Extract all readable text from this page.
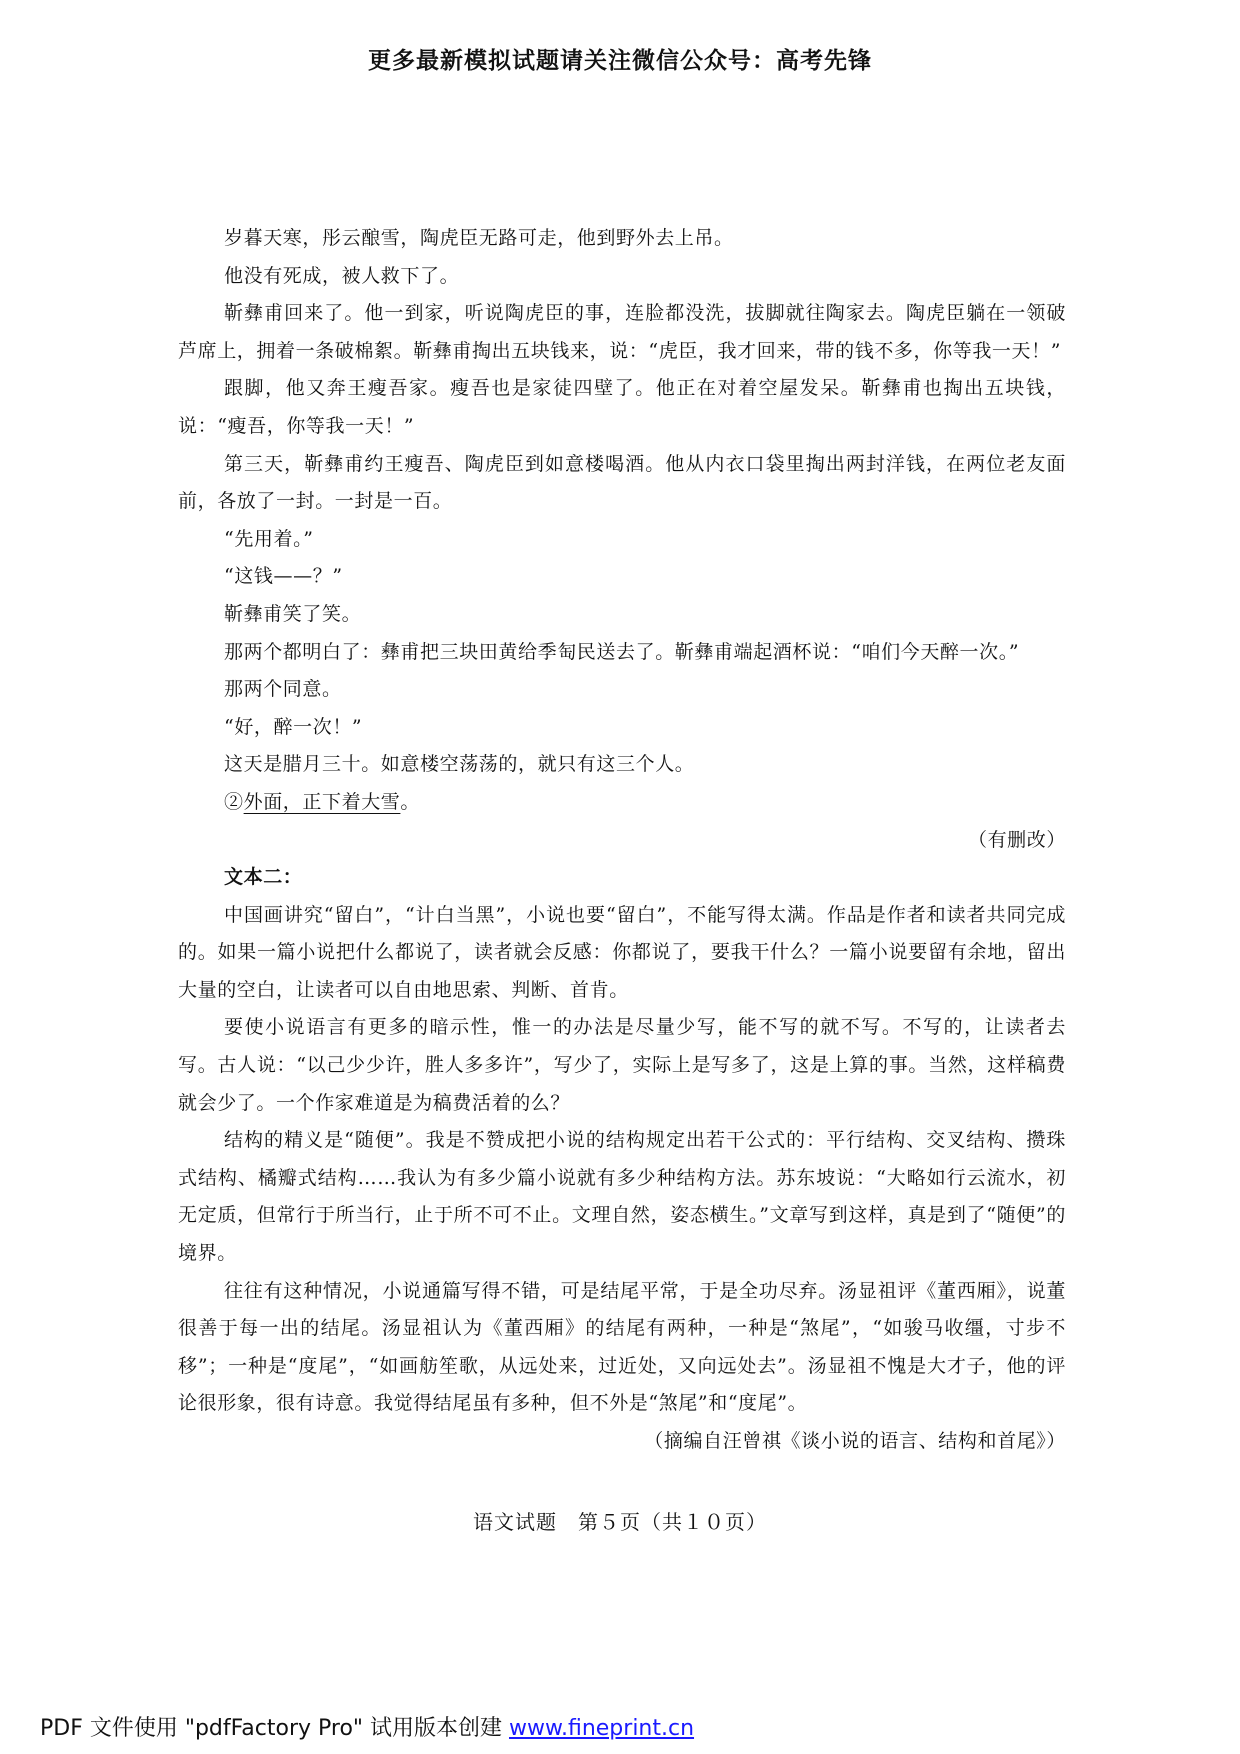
更多最新模拟试题请关注微信公众号：高考先锋

岁暮天寒，彤云酿雪，陶虎臣无路可走，他到野外去上吊。

他没有死成，被人救下了。

靳彝甫回来了。他一到家，听说陶虎臣的事，连脸都没洗，拔脚就往陶家去。陶虎臣躺在一领破芦席上，拥着一条破棉絮。靳彝甫掏出五块钱来，说：“虎臣，我才回来，带的钱不多，你等我一天！”

跟脚，他又奔王瘦吾家。瘦吾也是家徒四壁了。他正在对着空屋发呆。靳彝甫也掏出五块钱，说：“瘦吾，你等我一天！”

第三天，靳彝甫约王瘦吾、陶虎臣到如意楼喝酒。他从内衣口袋里掏出两封洋钱，在两位老友面前，各放了一封。一封是一百。

“先用着。”

“这钱——？”

靳彝甫笑了笑。

那两个都明白了：彝甫把三块田黄给季匋民送去了。靳彝甫端起酒杯说：“咱们今天醉一次。”

那两个同意。

“好，醉一次！”

这天是腊月三十。如意楼空荡荡的，就只有这三个人。

②外面，正下着大雪。

（有删改）

文本二：

中国画讲究“留白”，“计白当黑”，小说也要“留白”，不能写得太满。作品是作者和读者共同完成的。如果一篇小说把什么都说了，读者就会反感：你都说了，要我干什么？一篇小说要留有余地，留出大量的空白，让读者可以自由地思索、判断、首肯。

要使小说语言有更多的暗示性，惟一的办法是尽量少写，能不写的就不写。不写的，让读者去写。古人说：“以己少少许，胜人多多许”，写少了，实际上是写多了，这是上算的事。当然，这样稿费就会少了。一个作家难道是为稿费活着的么？

结构的精义是“随便”。我是不赞成把小说的结构规定出若干公式的：平行结构、交叉结构、攒珠式结构、橘瓣式结构……我认为有多少篇小说就有多少种结构方法。苏东坡说：“大略如行云流水，初无定质，但常行于所当行，止于所不可不止。文理自然，姿态横生。”文章写到这样，真是到了“随便”的境界。

往往有这种情况，小说通篇写得不错，可是结尾平常，于是全功尽弃。汤显祖评《董西厢》，说董很善于每一出的结尾。汤显祖认为《董西厢》的结尾有两种，一种是“煞尾”，“如骏马收缰，寸步不移”；一种是“度尾”，“如画舫笙歌，从远处来，过近处，又向远处去”。汤显祖不愧是大才子，他的评论很形象，很有诗意。我觉得结尾虽有多种，但不外是“煞尾”和“度尾”。

（摘编自汪曾祺《谈小说的语言、结构和首尾》）

语文试题　第５页（共１０页）
PDF 文件使用 "pdfFactory Pro" 试用版本创建 www.fineprint.cn
